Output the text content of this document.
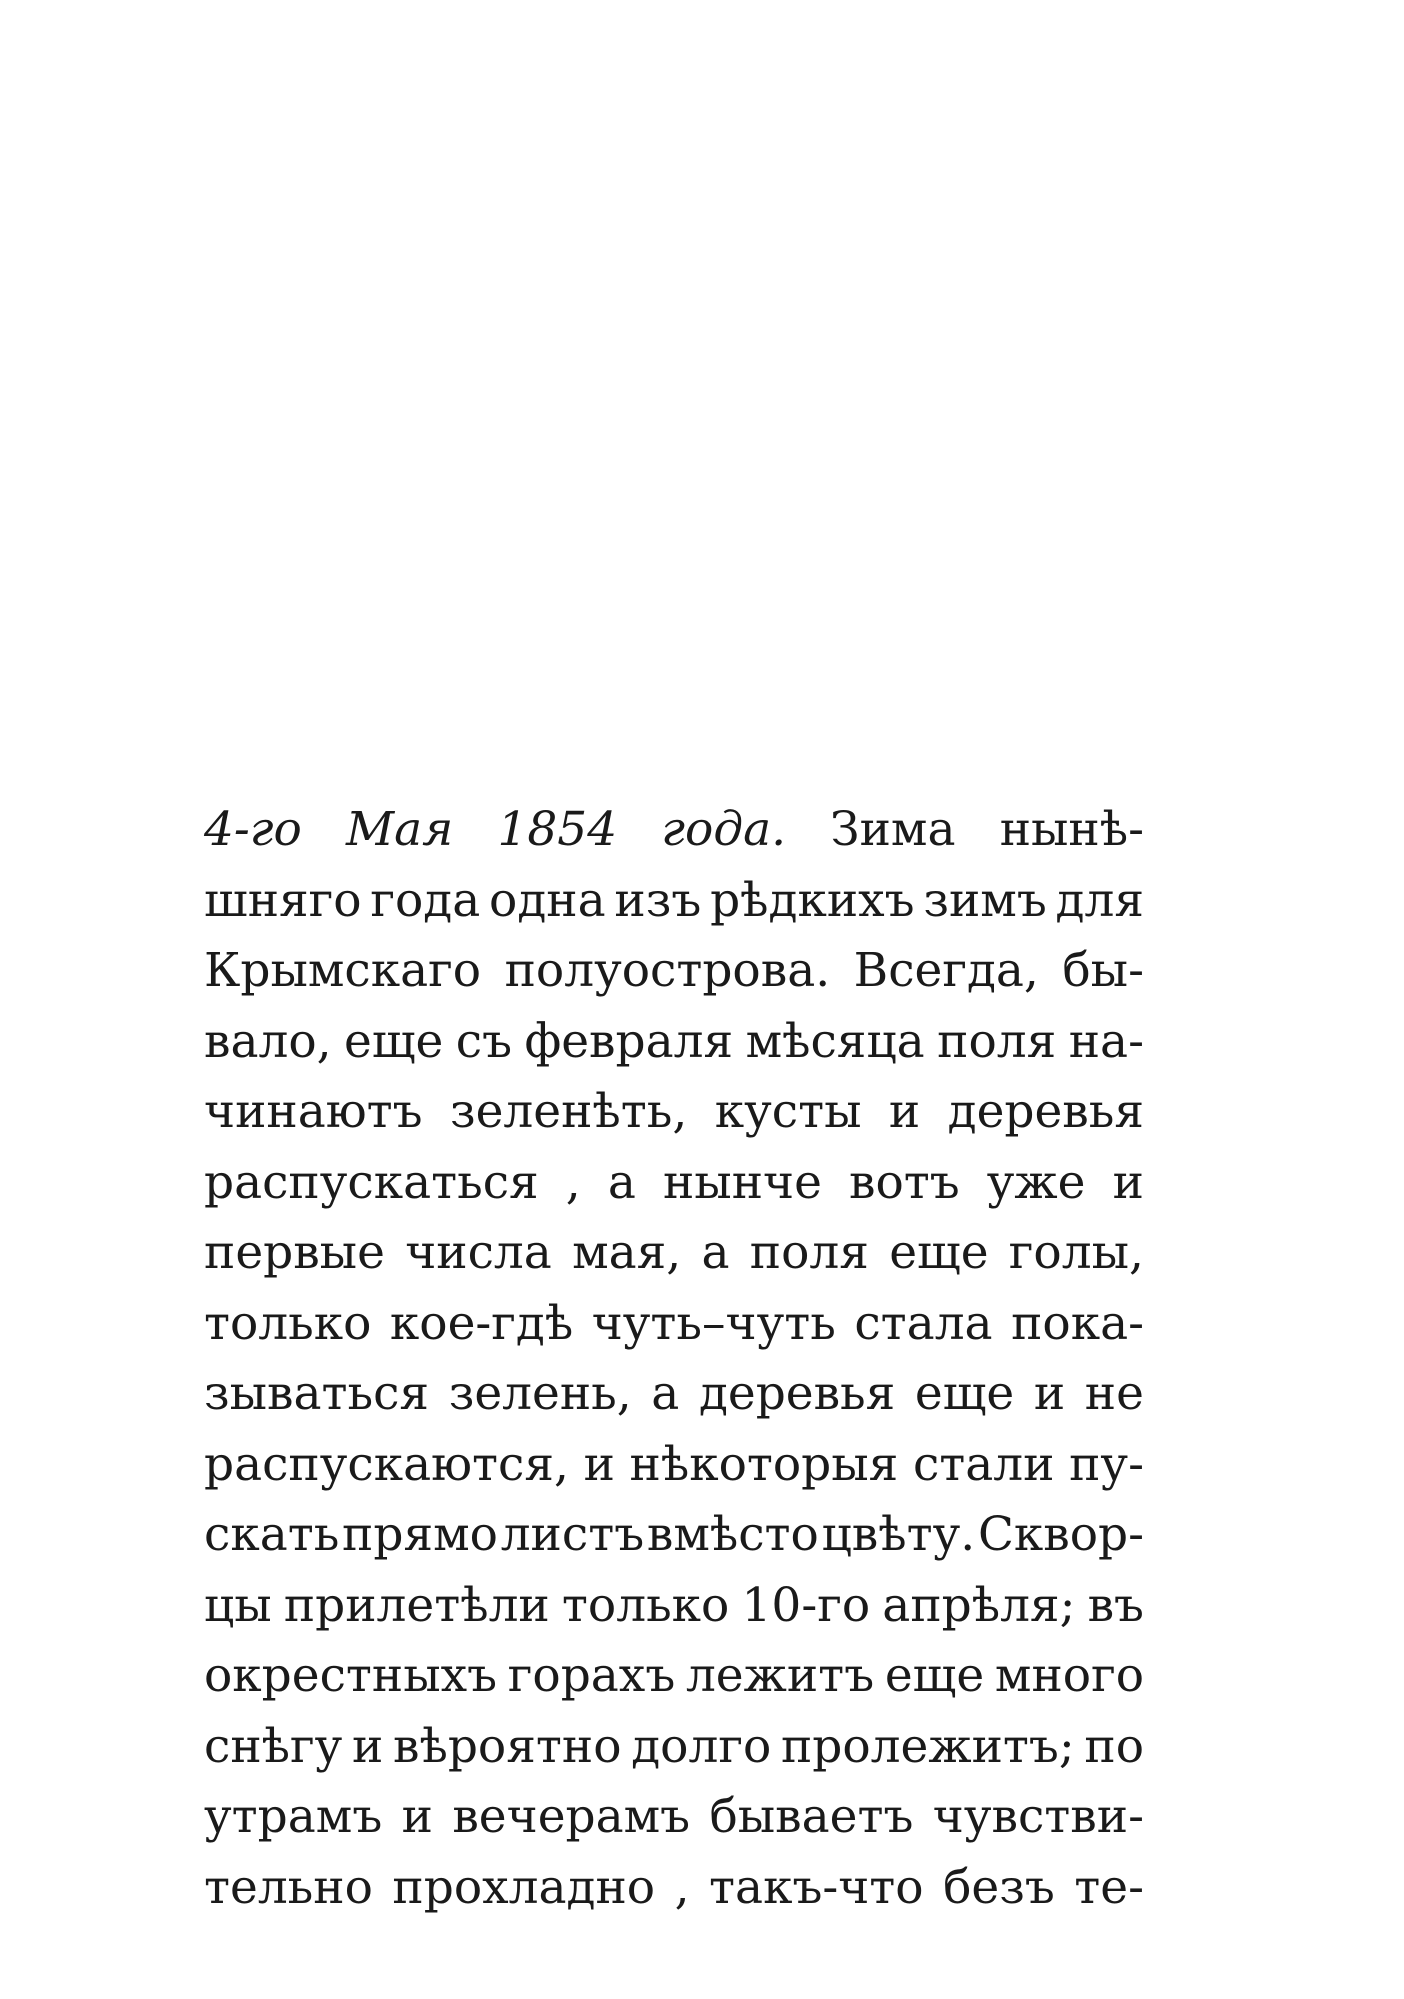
4-го Мая 1854 года. Зима нынѣ-
шняго года одна изъ рѣдкихъ зимъ для
Крымскаго полуострова. Всегда, бы-
вало, еще съ февраля мѣсяца поля на-
чинаютъ зеленѣть, кусты и деревья
распускаться , а нынче вотъ уже и
первые числа мая, а поля еще голы,
только кое-гдѣ чуть–чуть стала пока-
зываться зелень, а деревья еще и не
распускаются, и нѣкоторыя стали пу-
скать прямо листъ вмѣсто цвѣту. Сквор-
цы прилетѣли только 10-го апрѣля; въ
окрестныхъ горахъ лежитъ еще много
снѣгу и вѣроятно долго пролежитъ; по
утрамъ и вечерамъ бываетъ чувстви-
тельно прохладно , такъ-что безъ те-
